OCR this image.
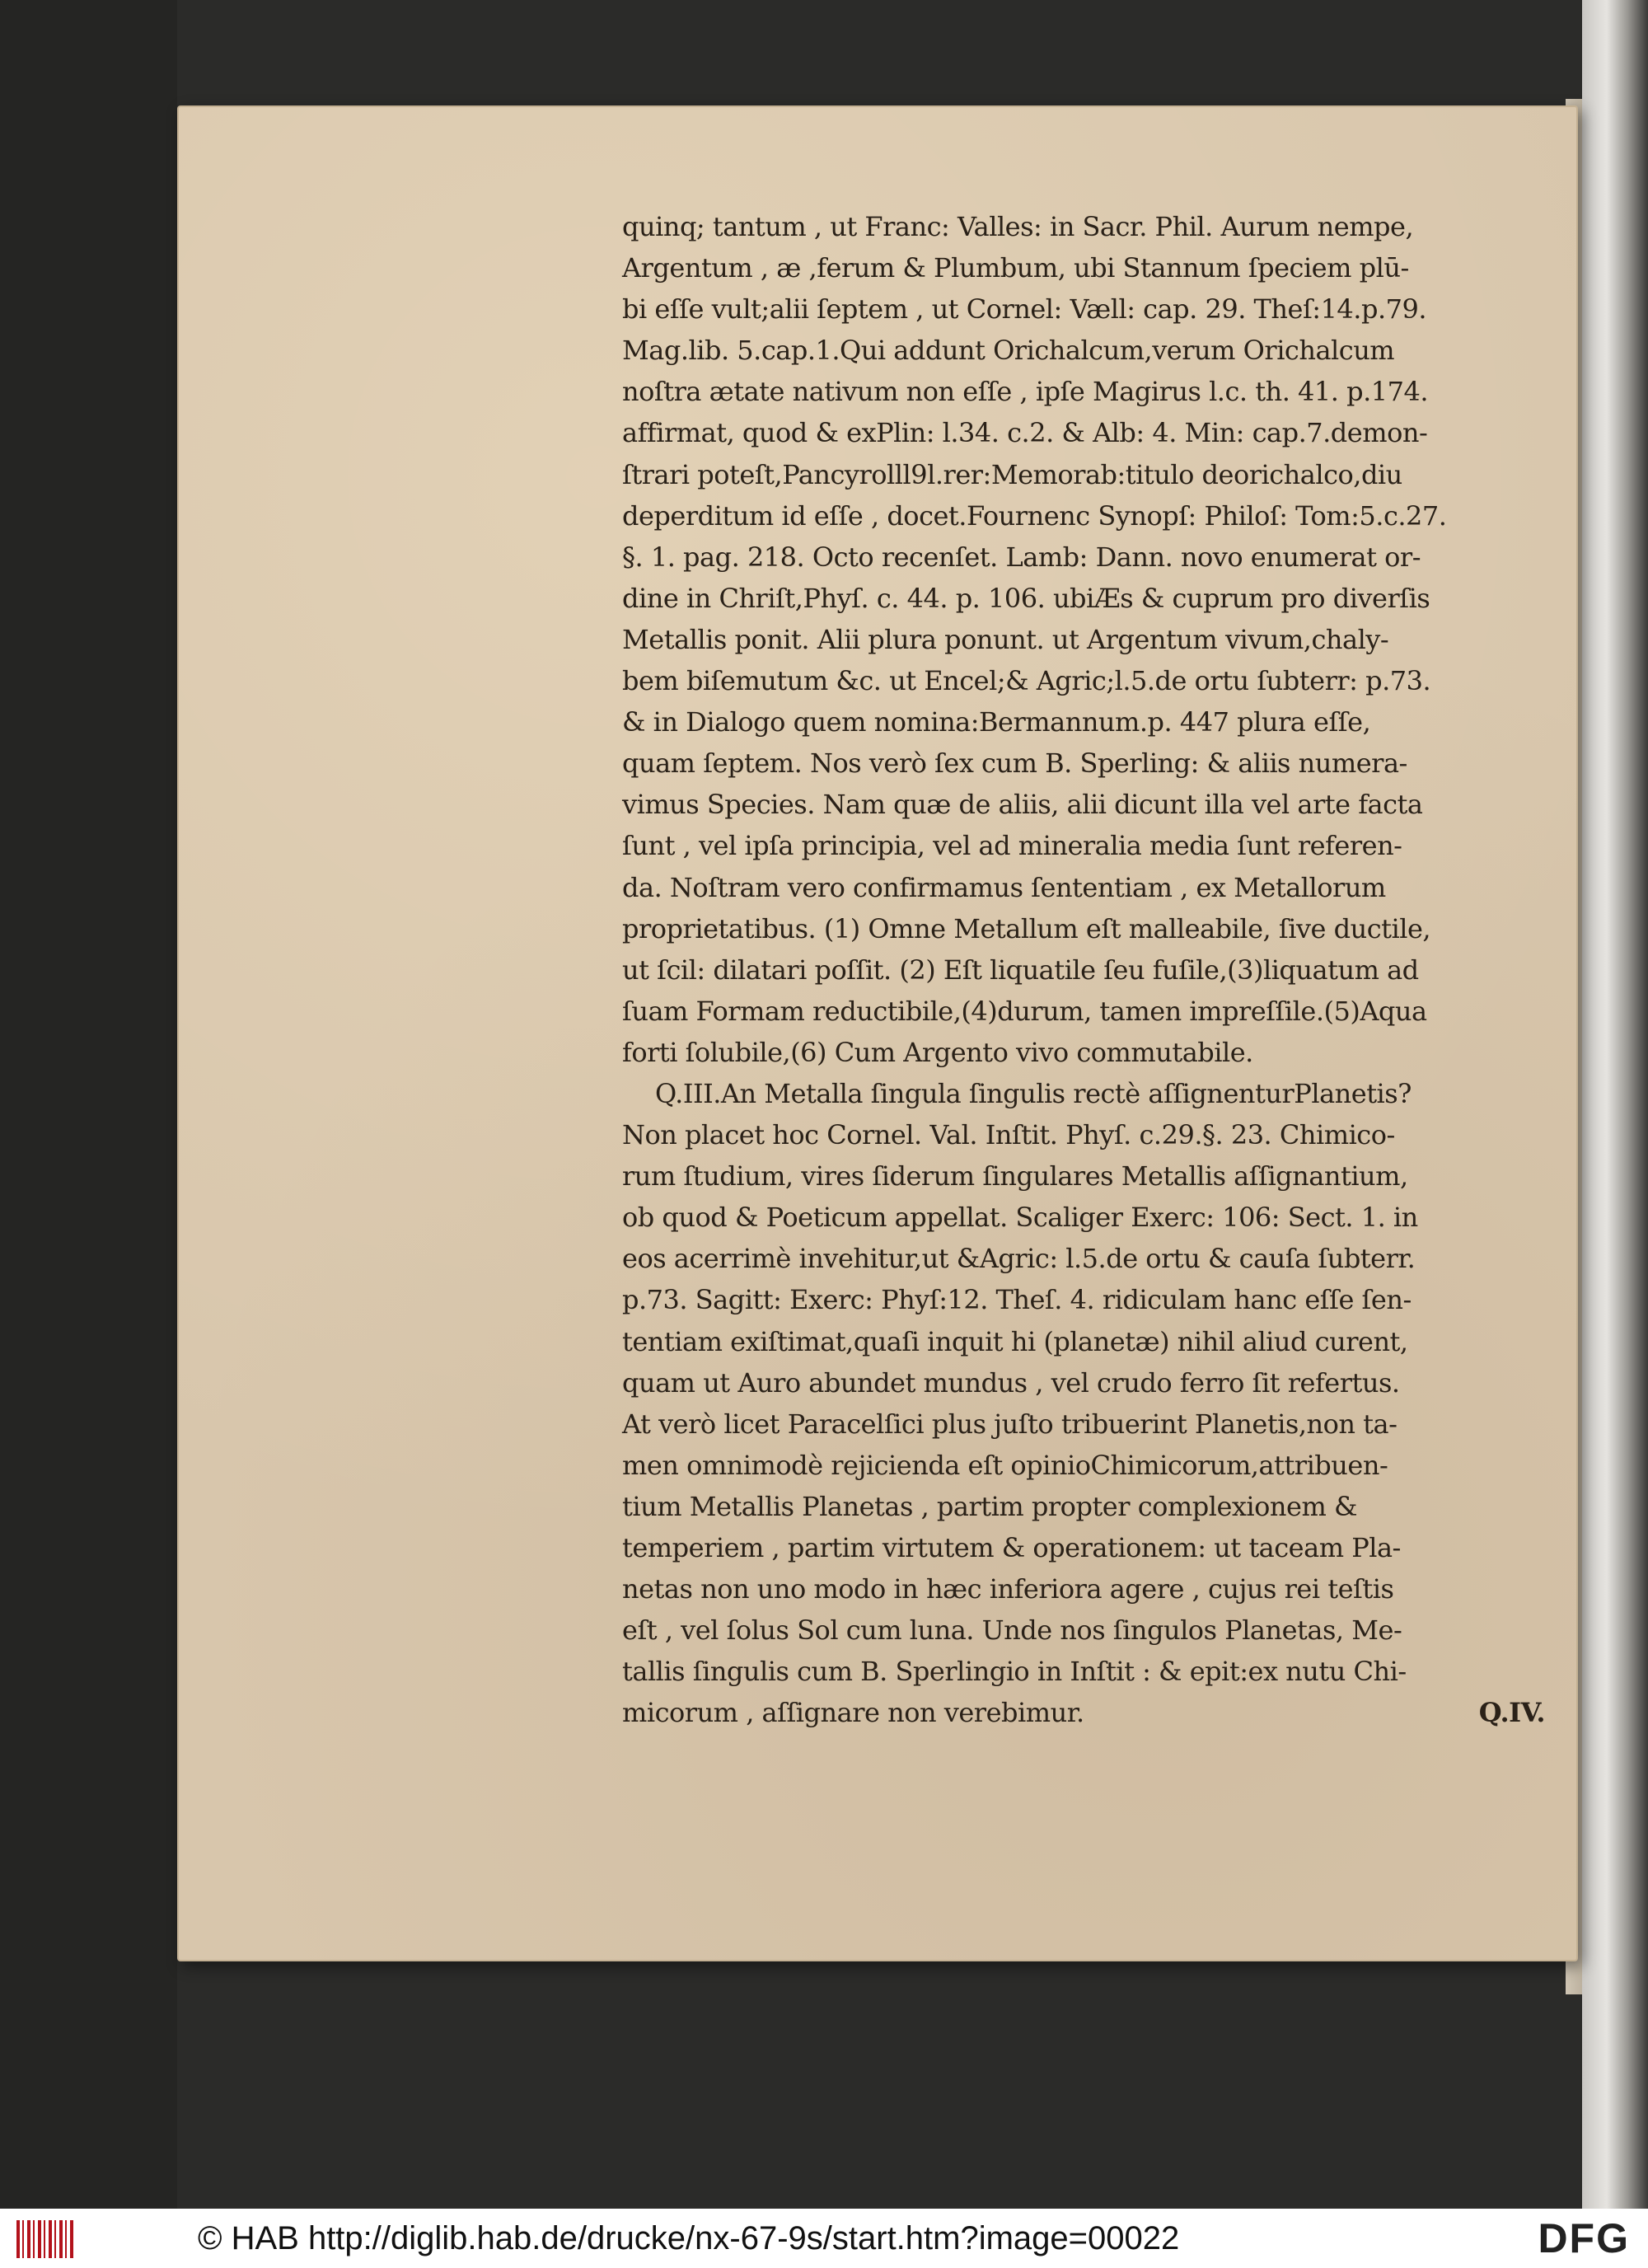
quinq; tantum , ut Franc: Valles: in Sacr. Phil. Aurum nempe,
Argentum , æ ,ferum & Plumbum, ubi Stannum ſpeciem plū-
bi eſſe vult;alii ſeptem , ut Cornel: Væll: cap. 29. Theſ:14.p.79.
Mag.lib. 5.cap.1.Qui addunt Orichalcum,verum Orichalcum
noſtra ætate nativum non eſſe , ipſe Magirus l.c. th. 41. p.174.
affirmat, quod & exPlin: l.34. c.2. & Alb: 4. Min: cap.7.demon-
ſtrari poteſt,Pancyrolll9l.rer:Memorab:titulo deorichalco,diu
deperditum id eſſe , docet.Fournenc Synopſ: Philoſ: Tom:5.c.27.
§. 1. pag. 218. Octo recenſet. Lamb: Dann. novo enumerat or-
dine in Chriſt,Phyſ. c. 44. p. 106. ubiÆs & cuprum pro diverſis
Metallis ponit. Alii plura ponunt. ut Argentum vivum,chaly-
bem biſemutum &c. ut Encel;& Agric;l.5.de ortu ſubterr: p.73.
& in Dialogo quem nomina:Bermannum.p. 447 plura eſſe,
quam ſeptem. Nos verò ſex cum B. Sperling: & aliis numera-
vimus Species. Nam quæ de aliis, alii dicunt illa vel arte facta
ſunt , vel ipſa principia, vel ad mineralia media ſunt referen-
da. Noſtram vero confirmamus ſententiam , ex Metallorum
proprietatibus. (1) Omne Metallum eſt malleabile, ſive ductile,
ut ſcil: dilatari poſſit. (2) Eſt liquatile ſeu fuſile,(3)liquatum ad
ſuam Formam reductibile,(4)durum, tamen impreſſile.(5)Aqua
forti ſolubile,(6) Cum Argento vivo commutabile.
Q.III.An Metalla ſingula ſingulis rectè aſſignenturPlanetis?
Non placet hoc Cornel. Val. Inſtit. Phyſ. c.29.§. 23. Chimico-
rum ſtudium, vires ſiderum ſingulares Metallis aſſignantium,
ob quod & Poeticum appellat. Scaliger Exerc: 106: Sect. 1. in
eos acerrimè invehitur,ut &Agric: l.5.de ortu & cauſa ſubterr.
p.73. Sagitt: Exerc: Phyſ:12. Theſ. 4. ridiculam hanc eſſe ſen-
tentiam exiſtimat,quaſi inquit hi (planetæ) nihil aliud curent,
quam ut Auro abundet mundus , vel crudo ferro ſit refertus.
At verò licet Paracelſici plus juſto tribuerint Planetis,non ta-
men omnimodè rejicienda eſt opinioChimicorum,attribuen-
tium Metallis Planetas , partim propter complexionem &
temperiem , partim virtutem & operationem: ut taceam Pla-
netas non uno modo in hæc inferiora agere , cujus rei teſtis
eſt , vel ſolus Sol cum luna. Unde nos ſingulos Planetas, Me-
tallis ſingulis cum B. Sperlingio in Inſtit : & epit:ex nutu Chi-
micorum , aſſignare non verebimur.	Q.IV.
© HAB http://diglib.hab.de/drucke/nx-67-9s/start.htm?image=00022	DFG
